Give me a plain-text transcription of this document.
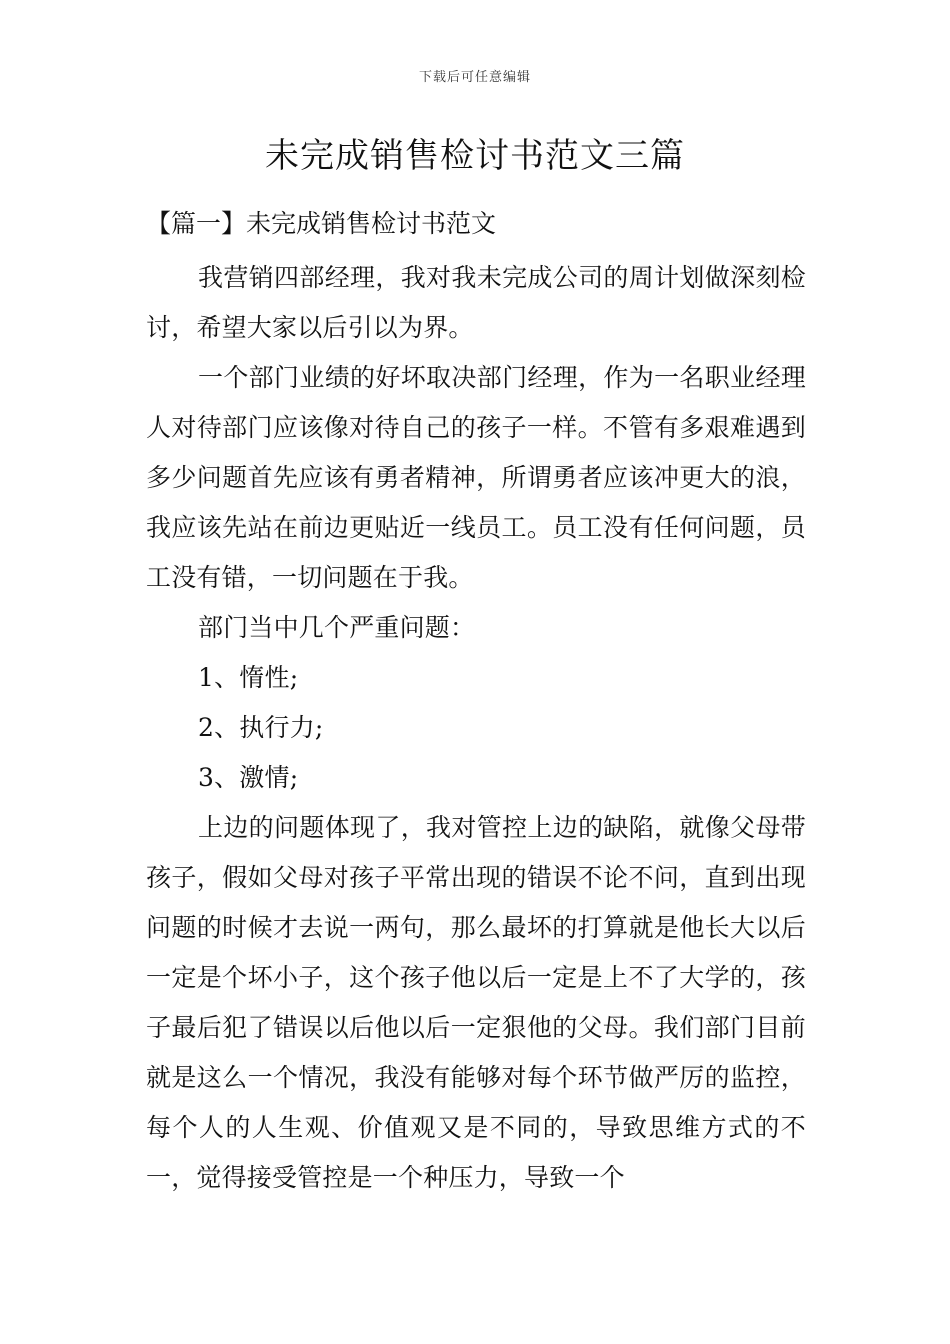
下载后可任意编辑
未完成销售检讨书范文三篇
【篇一】未完成销售检讨书范文

我营销四部经理，我对我未完成公司的周计划做深刻检讨，希望大家以后引以为界。

一个部门业绩的好坏取决部门经理，作为一名职业经理人对待部门应该像对待自己的孩子一样。不管有多艰难遇到多少问题首先应该有勇者精神，所谓勇者应该冲更大的浪，我应该先站在前边更贴近一线员工。员工没有任何问题，员工没有错，一切问题在于我。

部门当中几个严重问题：

1、惰性;

2、执行力;

3、激情;

上边的问题体现了，我对管控上边的缺陷，就像父母带孩子，假如父母对孩子平常出现的错误不论不问，直到出现问题的时候才去说一两句，那么最坏的打算就是他长大以后一定是个坏小子，这个孩子他以后一定是上不了大学的，孩子最后犯了错误以后他以后一定狠他的父母。我们部门目前就是这么一个情况，我没有能够对每个环节做严厉的监控，每个人的人生观、价值观又是不同的，导致思维方式的不一，觉得接受管控是一个种压力，导致一个
